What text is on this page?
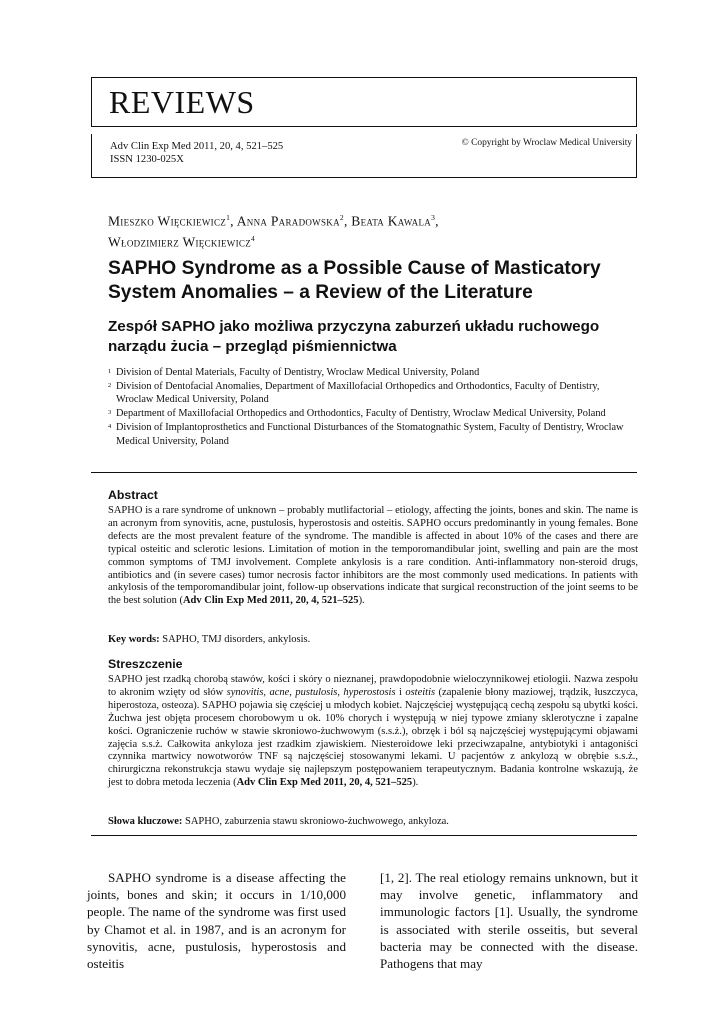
REVIEWS
Adv Clin Exp Med 2011, 20, 4, 521–525
ISSN 1230-025X
© Copyright by Wroclaw Medical University
Mieszko Więckiewicz$^1$, Anna Paradowska$^2$, Beata Kawala$^3$,
Włodzimierz Więckiewicz$^4$
SAPHO Syndrome as a Possible Cause of Masticatory System Anomalies – a Review of the Literature
Zespół SAPHO jako możliwa przyczyna zaburzeń układu ruchowego narządu żucia – przegląd piśmiennictwa
1 Division of Dental Materials, Faculty of Dentistry, Wroclaw Medical University, Poland
2 Division of Dentofacial Anomalies, Department of Maxillofacial Orthopedics and Orthodontics, Faculty of Dentistry, Wroclaw Medical University, Poland
3 Department of Maxillofacial Orthopedics and Orthodontics, Faculty of Dentistry, Wroclaw Medical University, Poland
4 Division of Implantoprosthetics and Functional Disturbances of the Stomatognathic System, Faculty of Dentistry, Wroclaw Medical University, Poland
Abstract
SAPHO is a rare syndrome of unknown – probably mutlifactorial – etiology, affecting the joints, bones and skin. The name is an acronym from synovitis, acne, pustulosis, hyperostosis and osteitis. SAPHO occurs predominantly in young females. Bone defects are the most prevalent feature of the syndrome. The mandible is affected in about 10% of the cases and there are typical osteitic and sclerotic lesions. Limitation of motion in the temporomandibular joint, swelling and pain are the most common symptoms of TMJ involvement. Complete ankylosis is a rare condition. Anti-inflammatory non-steroid drugs, antibiotics and (in severe cases) tumor necrosis factor inhibitors are the most commonly used medications. In patients with ankylosis of the temporomandibular joint, follow-up observations indicate that surgical reconstruction of the joint seems to be the best solution (Adv Clin Exp Med 2011, 20, 4, 521–525).
Key words: SAPHO, TMJ disorders, ankylosis.
Streszczenie
SAPHO jest rzadką chorobą stawów, kości i skóry o nieznanej, prawdopodobnie wieloczynnikowej etiologii. Nazwa zespołu to akronim wzięty od słów synovitis, acne, pustulosis, hyperostosis i osteitis (zapalenie błony maziowej, trądzik, łuszczyca, hiperostoza, osteoza). SAPHO pojawia się częściej u młodych kobiet. Najczęściej występującą cechą zespołu są ubytki kości. Żuchwa jest objęta procesem chorobowym u ok. 10% chorych i występują w niej typowe zmiany sklerotyczne i zapalne kości. Ograniczenie ruchów w stawie skroniowo-żuchwowym (s.s.ż.), obrzęk i ból są najczęściej występującymi objawami zajęcia s.s.ż. Całkowita ankyloza jest rzadkim zjawiskiem. Niesteroidowe leki przeciwzapalne, antybiotyki i antagoniści czynnika martwicy nowotworów TNF są najczęściej stosowanymi lekami. U pacjentów z ankylozą w obrębie s.s.ż., chirurgiczna rekonstrukcja stawu wydaje się najlepszym postępowaniem terapeutycznym. Badania kontrolne wskazują, że jest to dobra metoda leczenia (Adv Clin Exp Med 2011, 20, 4, 521–525).
Słowa kluczowe: SAPHO, zaburzenia stawu skroniowo-żuchwowego, ankyloza.
SAPHO syndrome is a disease affecting the joints, bones and skin; it occurs in 1/10,000 people. The name of the syndrome was first used by Chamot et al. in 1987, and is an acronym for synovitis, acne, pustulosis, hyperostosis and osteitis
[1, 2]. The real etiology remains unknown, but it may involve genetic, inflammatory and immunologic factors [1]. Usually, the syndrome is associated with sterile osseitis, but several bacteria may be connected with the disease. Pathogens that may
